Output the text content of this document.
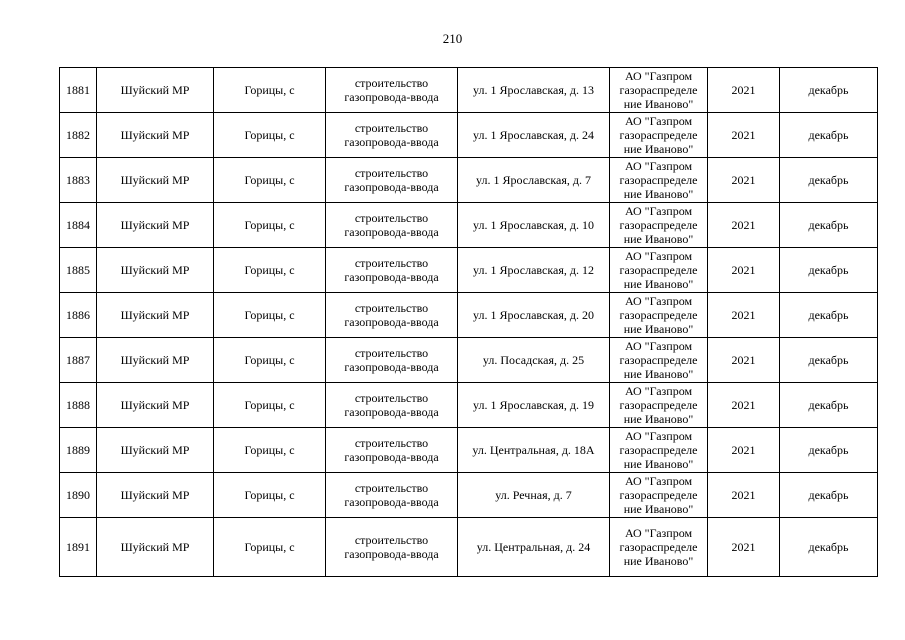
210
1881	Шуйский МР	Горицы, с	строительство газопровода-ввода	ул. 1 Ярославская, д. 13	АО "Газпром газораспределе ние Иваново"	2021	декабрь
1882	Шуйский МР	Горицы, с	строительство газопровода-ввода	ул. 1 Ярославская, д. 24	АО "Газпром газораспределе ние Иваново"	2021	декабрь
1883	Шуйский МР	Горицы, с	строительство газопровода-ввода	ул. 1 Ярославская, д. 7	АО "Газпром газораспределе ние Иваново"	2021	декабрь
1884	Шуйский МР	Горицы, с	строительство газопровода-ввода	ул. 1 Ярославская, д. 10	АО "Газпром газораспределе ние Иваново"	2021	декабрь
1885	Шуйский МР	Горицы, с	строительство газопровода-ввода	ул. 1 Ярославская, д. 12	АО "Газпром газораспределе ние Иваново"	2021	декабрь
1886	Шуйский МР	Горицы, с	строительство газопровода-ввода	ул. 1 Ярославская, д. 20	АО "Газпром газораспределе ние Иваново"	2021	декабрь
1887	Шуйский МР	Горицы, с	строительство газопровода-ввода	ул. Посадская, д. 25	АО "Газпром газораспределе ние Иваново"	2021	декабрь
1888	Шуйский МР	Горицы, с	строительство газопровода-ввода	ул. 1 Ярославская, д. 19	АО "Газпром газораспределе ние Иваново"	2021	декабрь
1889	Шуйский МР	Горицы, с	строительство газопровода-ввода	ул. Центральная, д. 18А	АО "Газпром газораспределе ние Иваново"	2021	декабрь
1890	Шуйский МР	Горицы, с	строительство газопровода-ввода	ул. Речная, д. 7	АО "Газпром газораспределе ние Иваново"	2021	декабрь
1891	Шуйский МР	Горицы, с	строительство газопровода-ввода	ул. Центральная, д. 24	АО "Газпром газораспределе ние Иваново"	2021	декабрь
